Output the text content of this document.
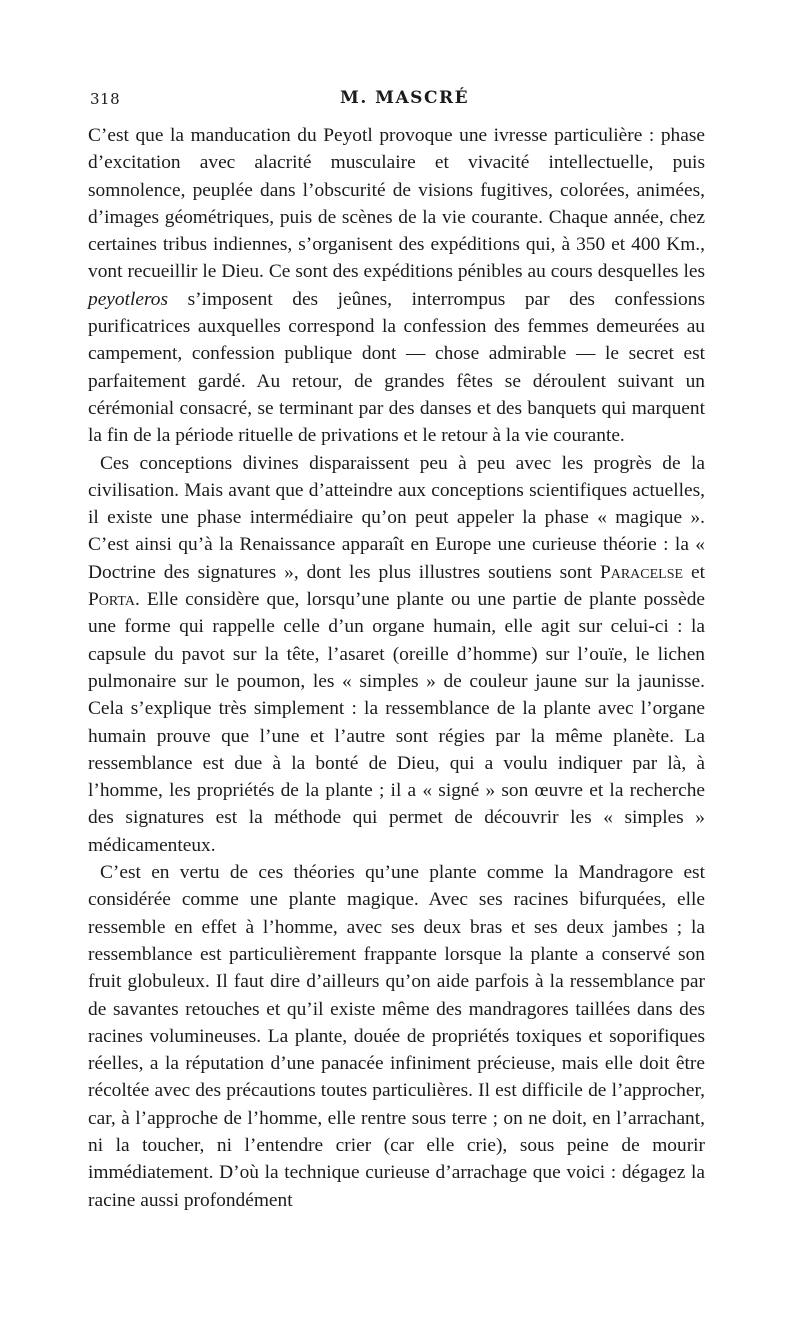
318	M. MASCRÉ

C’est que la manducation du Peyotl provoque une ivresse particulière : phase d’excitation avec alacrité musculaire et vivacité intellectuelle, puis somnolence, peuplée dans l’obscurité de visions fugitives, colorées, animées, d’images géométriques, puis de scènes de la vie courante. Chaque année, chez certaines tribus indiennes, s’organisent des expéditions qui, à 350 et 400 Km., vont recueillir le Dieu. Ce sont des expéditions pénibles au cours desquelles les peyotleros s’imposent des jeûnes, interrompus par des confessions purificatrices auxquelles correspond la confession des femmes demeurées au campement, confession publique dont — chose admirable — le secret est parfaitement gardé. Au retour, de grandes fêtes se déroulent suivant un cérémonial consacré, se terminant par des danses et des banquets qui marquent la fin de la période rituelle de privations et le retour à la vie courante.

Ces conceptions divines disparaissent peu à peu avec les progrès de la civilisation. Mais avant que d’atteindre aux conceptions scientifiques actuelles, il existe une phase intermédiaire qu’on peut appeler la phase « magique ». C’est ainsi qu’à la Renaissance apparaît en Europe une curieuse théorie : la « Doctrine des signatures », dont les plus illustres soutiens sont Paracelse et Porta. Elle considère que, lorsqu’une plante ou une partie de plante possède une forme qui rappelle celle d’un organe humain, elle agit sur celui-ci : la capsule du pavot sur la tête, l’asaret (oreille d’homme) sur l’ouïe, le lichen pulmonaire sur le poumon, les « simples » de couleur jaune sur la jaunisse. Cela s’explique très simplement : la ressemblance de la plante avec l’organe humain prouve que l’une et l’autre sont régies par la même planète. La ressemblance est due à la bonté de Dieu, qui a voulu indiquer par là, à l’homme, les propriétés de la plante ; il a « signé » son œuvre et la recherche des signatures est la méthode qui permet de découvrir les « simples » médicamenteux.

C’est en vertu de ces théories qu’une plante comme la Mandragore est considérée comme une plante magique. Avec ses racines bifurquées, elle ressemble en effet à l’homme, avec ses deux bras et ses deux jambes ; la ressemblance est particulièrement frappante lorsque la plante a conservé son fruit globuleux. Il faut dire d’ailleurs qu’on aide parfois à la ressemblance par de savantes retouches et qu’il existe même des mandragores taillées dans des racines volumineuses. La plante, douée de propriétés toxiques et soporifiques réelles, a la réputation d’une panacée infiniment précieuse, mais elle doit être récoltée avec des précautions toutes particulières. Il est difficile de l’approcher, car, à l’approche de l’homme, elle rentre sous terre ; on ne doit, en l’arrachant, ni la toucher, ni l’entendre crier (car elle crie), sous peine de mourir immédiatement. D’où la technique curieuse d’arrachage que voici : dégagez la racine aussi profondément
